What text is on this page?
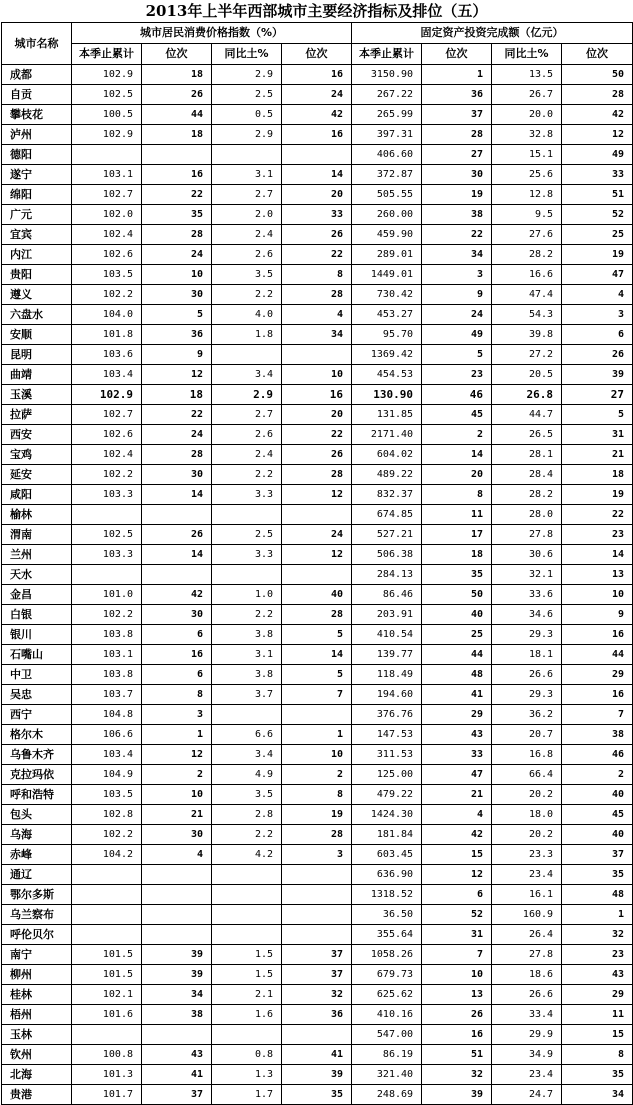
2013年上半年西部城市主要经济指标及排位（五）
城市名称	城市居民消费价格指数（%）				固定资产投资完成额（亿元）			
	本季止累计	位次	同比土%	位次	本季止累计	位次	同比土%	位次
成都	102.9	18	2.9	16	3150.90	1	13.5	50
自贡	102.5	26	2.5	24	267.22	36	26.7	28
攀枝花	100.5	44	0.5	42	265.99	37	20.0	42
泸州	102.9	18	2.9	16	397.31	28	32.8	12
德阳					406.60	27	15.1	49
遂宁	103.1	16	3.1	14	372.87	30	25.6	33
绵阳	102.7	22	2.7	20	505.55	19	12.8	51
广元	102.0	35	2.0	33	260.00	38	9.5	52
宜宾	102.4	28	2.4	26	459.90	22	27.6	25
内江	102.6	24	2.6	22	289.01	34	28.2	19
贵阳	103.5	10	3.5	8	1449.01	3	16.6	47
遵义	102.2	30	2.2	28	730.42	9	47.4	4
六盘水	104.0	5	4.0	4	453.27	24	54.3	3
安顺	101.8	36	1.8	34	95.70	49	39.8	6
昆明	103.6	9			1369.42	5	27.2	26
曲靖	103.4	12	3.4	10	454.53	23	20.5	39
玉溪	102.9	18	2.9	16	130.90	46	26.8	27
拉萨	102.7	22	2.7	20	131.85	45	44.7	5
西安	102.6	24	2.6	22	2171.40	2	26.5	31
宝鸡	102.4	28	2.4	26	604.02	14	28.1	21
延安	102.2	30	2.2	28	489.22	20	28.4	18
咸阳	103.3	14	3.3	12	832.37	8	28.2	19
榆林					674.85	11	28.0	22
渭南	102.5	26	2.5	24	527.21	17	27.8	23
兰州	103.3	14	3.3	12	506.38	18	30.6	14
天水					284.13	35	32.1	13
金昌	101.0	42	1.0	40	86.46	50	33.6	10
白银	102.2	30	2.2	28	203.91	40	34.6	9
银川	103.8	6	3.8	5	410.54	25	29.3	16
石嘴山	103.1	16	3.1	14	139.77	44	18.1	44
中卫	103.8	6	3.8	5	118.49	48	26.6	29
吴忠	103.7	8	3.7	7	194.60	41	29.3	16
西宁	104.8	3			376.76	29	36.2	7
格尔木	106.6	1	6.6	1	147.53	43	20.7	38
乌鲁木齐	103.4	12	3.4	10	311.53	33	16.8	46
克拉玛依	104.9	2	4.9	2	125.00	47	66.4	2
呼和浩特	103.5	10	3.5	8	479.22	21	20.2	40
包头	102.8	21	2.8	19	1424.30	4	18.0	45
乌海	102.2	30	2.2	28	181.84	42	20.2	40
赤峰	104.2	4	4.2	3	603.45	15	23.3	37
通辽					636.90	12	23.4	35
鄂尔多斯					1318.52	6	16.1	48
乌兰察布					36.50	52	160.9	1
呼伦贝尔					355.64	31	26.4	32
南宁	101.5	39	1.5	37	1058.26	7	27.8	23
柳州	101.5	39	1.5	37	679.73	10	18.6	43
桂林	102.1	34	2.1	32	625.62	13	26.6	29
梧州	101.6	38	1.6	36	410.16	26	33.4	11
玉林					547.00	16	29.9	15
钦州	100.8	43	0.8	41	86.19	51	34.9	8
北海	101.3	41	1.3	39	321.40	32	23.4	35
贵港	101.7	37	1.7	35	248.69	39	24.7	34
